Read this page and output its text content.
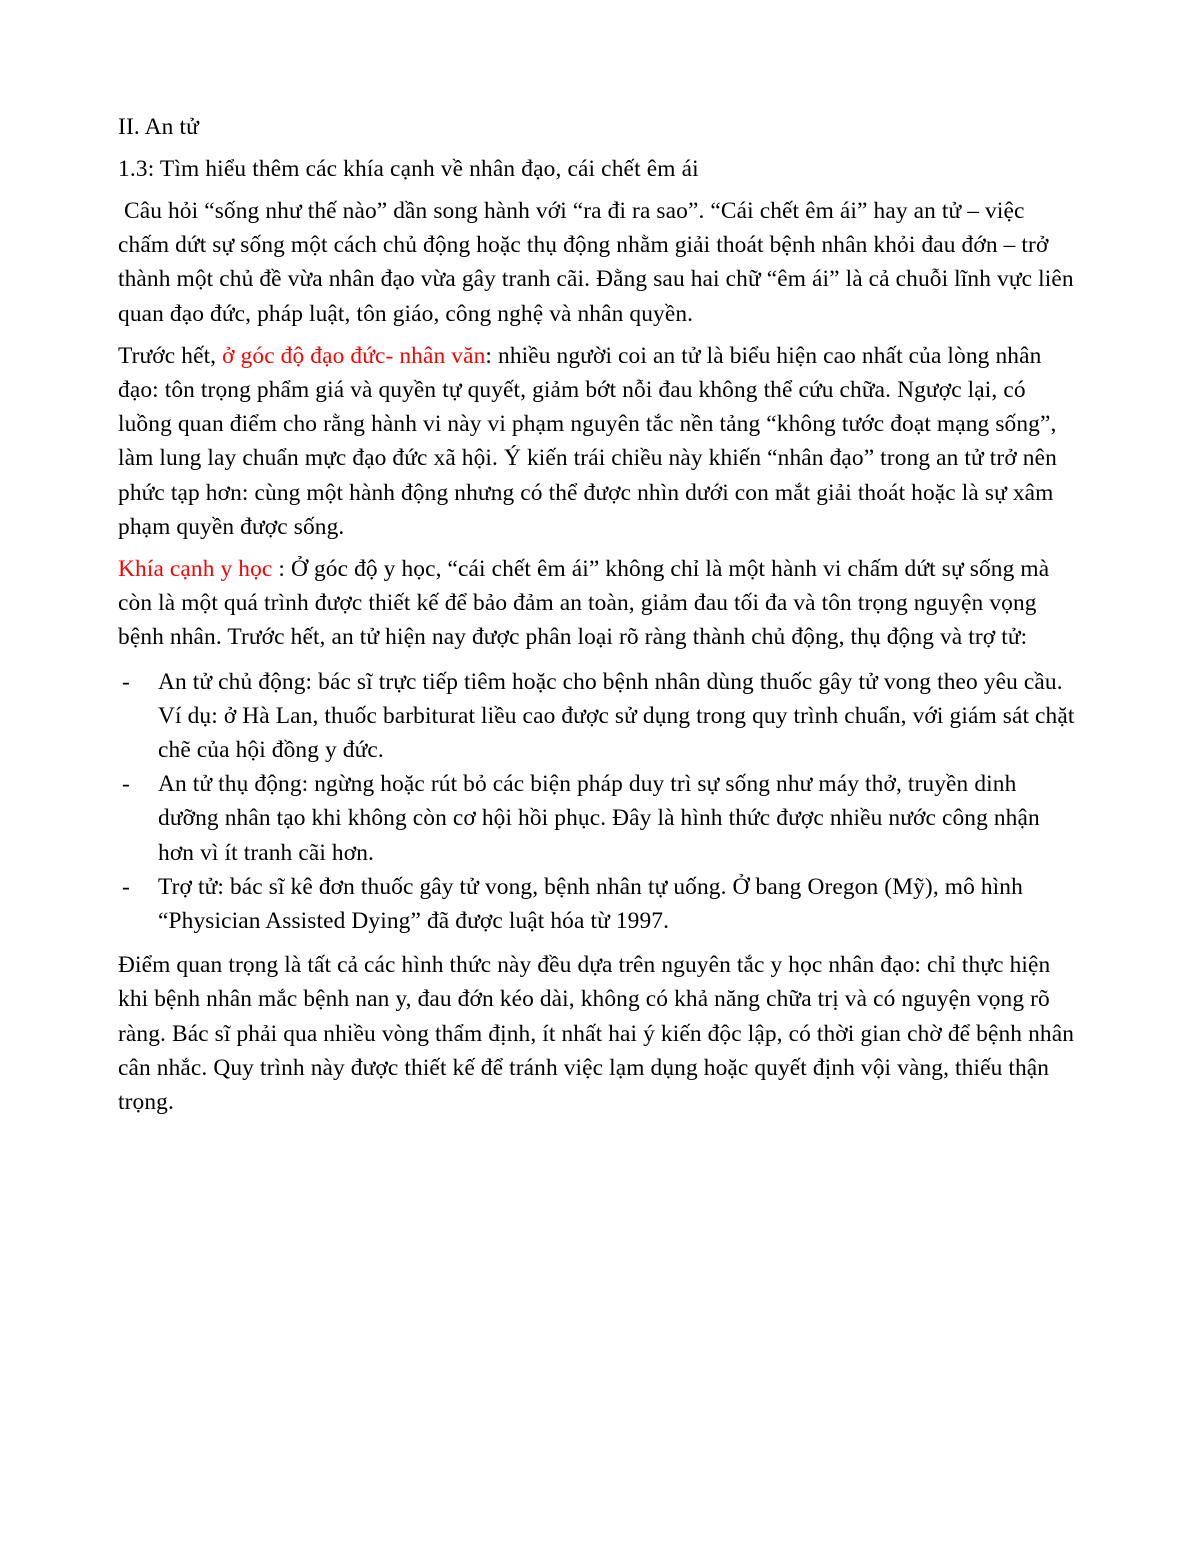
II. An tử

1.3: Tìm hiểu thêm các khía cạnh về nhân đạo, cái chết êm ái

Câu hỏi “sống như thế nào” dần song hành với “ra đi ra sao”. “Cái chết êm ái” hay an tử – việc chấm dứt sự sống một cách chủ động hoặc thụ động nhằm giải thoát bệnh nhân khỏi đau đớn – trở thành một chủ đề vừa nhân đạo vừa gây tranh cãi. Đằng sau hai chữ “êm ái” là cả chuỗi lĩnh vực liên quan đạo đức, pháp luật, tôn giáo, công nghệ và nhân quyền.

Trước hết, ở góc độ đạo đức- nhân văn: nhiều người coi an tử là biểu hiện cao nhất của lòng nhân đạo: tôn trọng phẩm giá và quyền tự quyết, giảm bớt nỗi đau không thể cứu chữa. Ngược lại, có luồng quan điểm cho rằng hành vi này vi phạm nguyên tắc nền tảng “không tước đoạt mạng sống”, làm lung lay chuẩn mực đạo đức xã hội. Ý kiến trái chiều này khiến “nhân đạo” trong an tử trở nên phức tạp hơn: cùng một hành động nhưng có thể được nhìn dưới con mắt giải thoát hoặc là sự xâm phạm quyền được sống.

Khía cạnh y học : Ở góc độ y học, “cái chết êm ái” không chỉ là một hành vi chấm dứt sự sống mà còn là một quá trình được thiết kế để bảo đảm an toàn, giảm đau tối đa và tôn trọng nguyện vọng bệnh nhân. Trước hết, an tử hiện nay được phân loại rõ ràng thành chủ động, thụ động và trợ tử:

- An tử chủ động: bác sĩ trực tiếp tiêm hoặc cho bệnh nhân dùng thuốc gây tử vong theo yêu cầu. Ví dụ: ở Hà Lan, thuốc barbiturat liều cao được sử dụng trong quy trình chuẩn, với giám sát chặt chẽ của hội đồng y đức.
- An tử thụ động: ngừng hoặc rút bỏ các biện pháp duy trì sự sống như máy thở, truyền dinh dưỡng nhân tạo khi không còn cơ hội hồi phục. Đây là hình thức được nhiều nước công nhận hơn vì ít tranh cãi hơn.
- Trợ tử: bác sĩ kê đơn thuốc gây tử vong, bệnh nhân tự uống. Ở bang Oregon (Mỹ), mô hình “Physician Assisted Dying” đã được luật hóa từ 1997.

Điểm quan trọng là tất cả các hình thức này đều dựa trên nguyên tắc y học nhân đạo: chỉ thực hiện khi bệnh nhân mắc bệnh nan y, đau đớn kéo dài, không có khả năng chữa trị và có nguyện vọng rõ ràng. Bác sĩ phải qua nhiều vòng thẩm định, ít nhất hai ý kiến độc lập, có thời gian chờ để bệnh nhân cân nhắc. Quy trình này được thiết kế để tránh việc lạm dụng hoặc quyết định vội vàng, thiếu thận trọng.
